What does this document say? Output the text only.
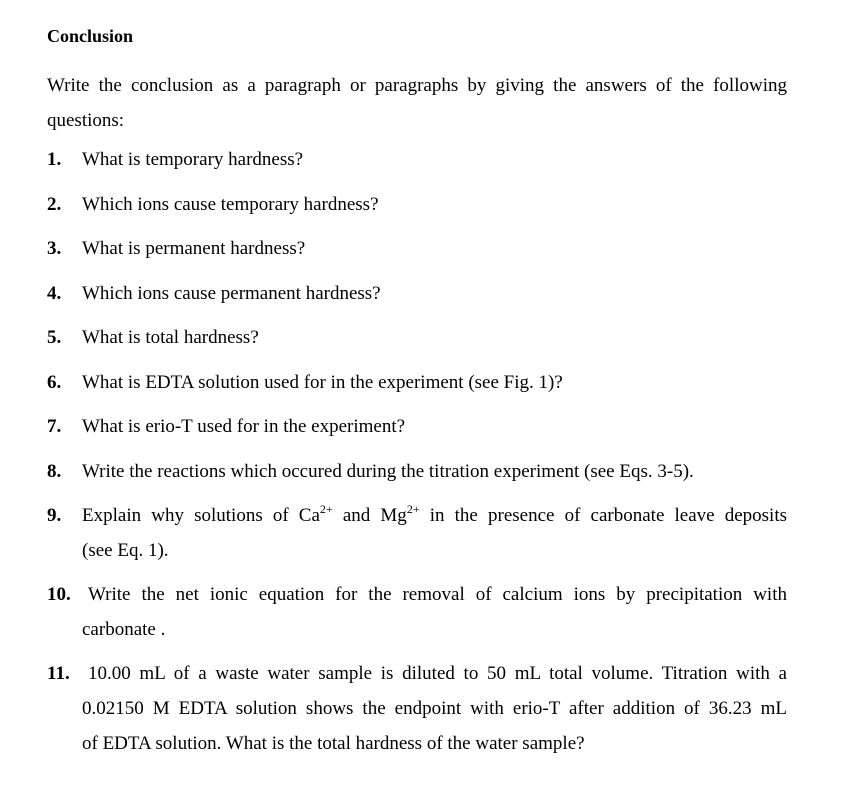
Conclusion
Write the conclusion as a paragraph or paragraphs by giving the answers of the following questions:
1. What is temporary hardness?
2. Which ions cause temporary hardness?
3. What is permanent hardness?
4. Which ions cause permanent hardness?
5. What is total hardness?
6. What is EDTA solution used for in the experiment (see Fig. 1)?
7. What is erio-T used for in the experiment?
8. Write the reactions which occured during the titration experiment (see Eqs. 3-5).
9. Explain why solutions of $Ca^{2+}$ and $Mg^{2+}$ in the presence of carbonate leave deposits
(see Eq. 1).
10. Write the net ionic equation for the removal of calcium ions by precipitation with
carbonate .
11. 10.00 mL of a waste water sample is diluted to 50 mL total volume. Titration with a
0.02150 M EDTA solution shows the endpoint with erio-T after addition of 36.23 mL
of EDTA solution. What is the total hardness of the water sample?
